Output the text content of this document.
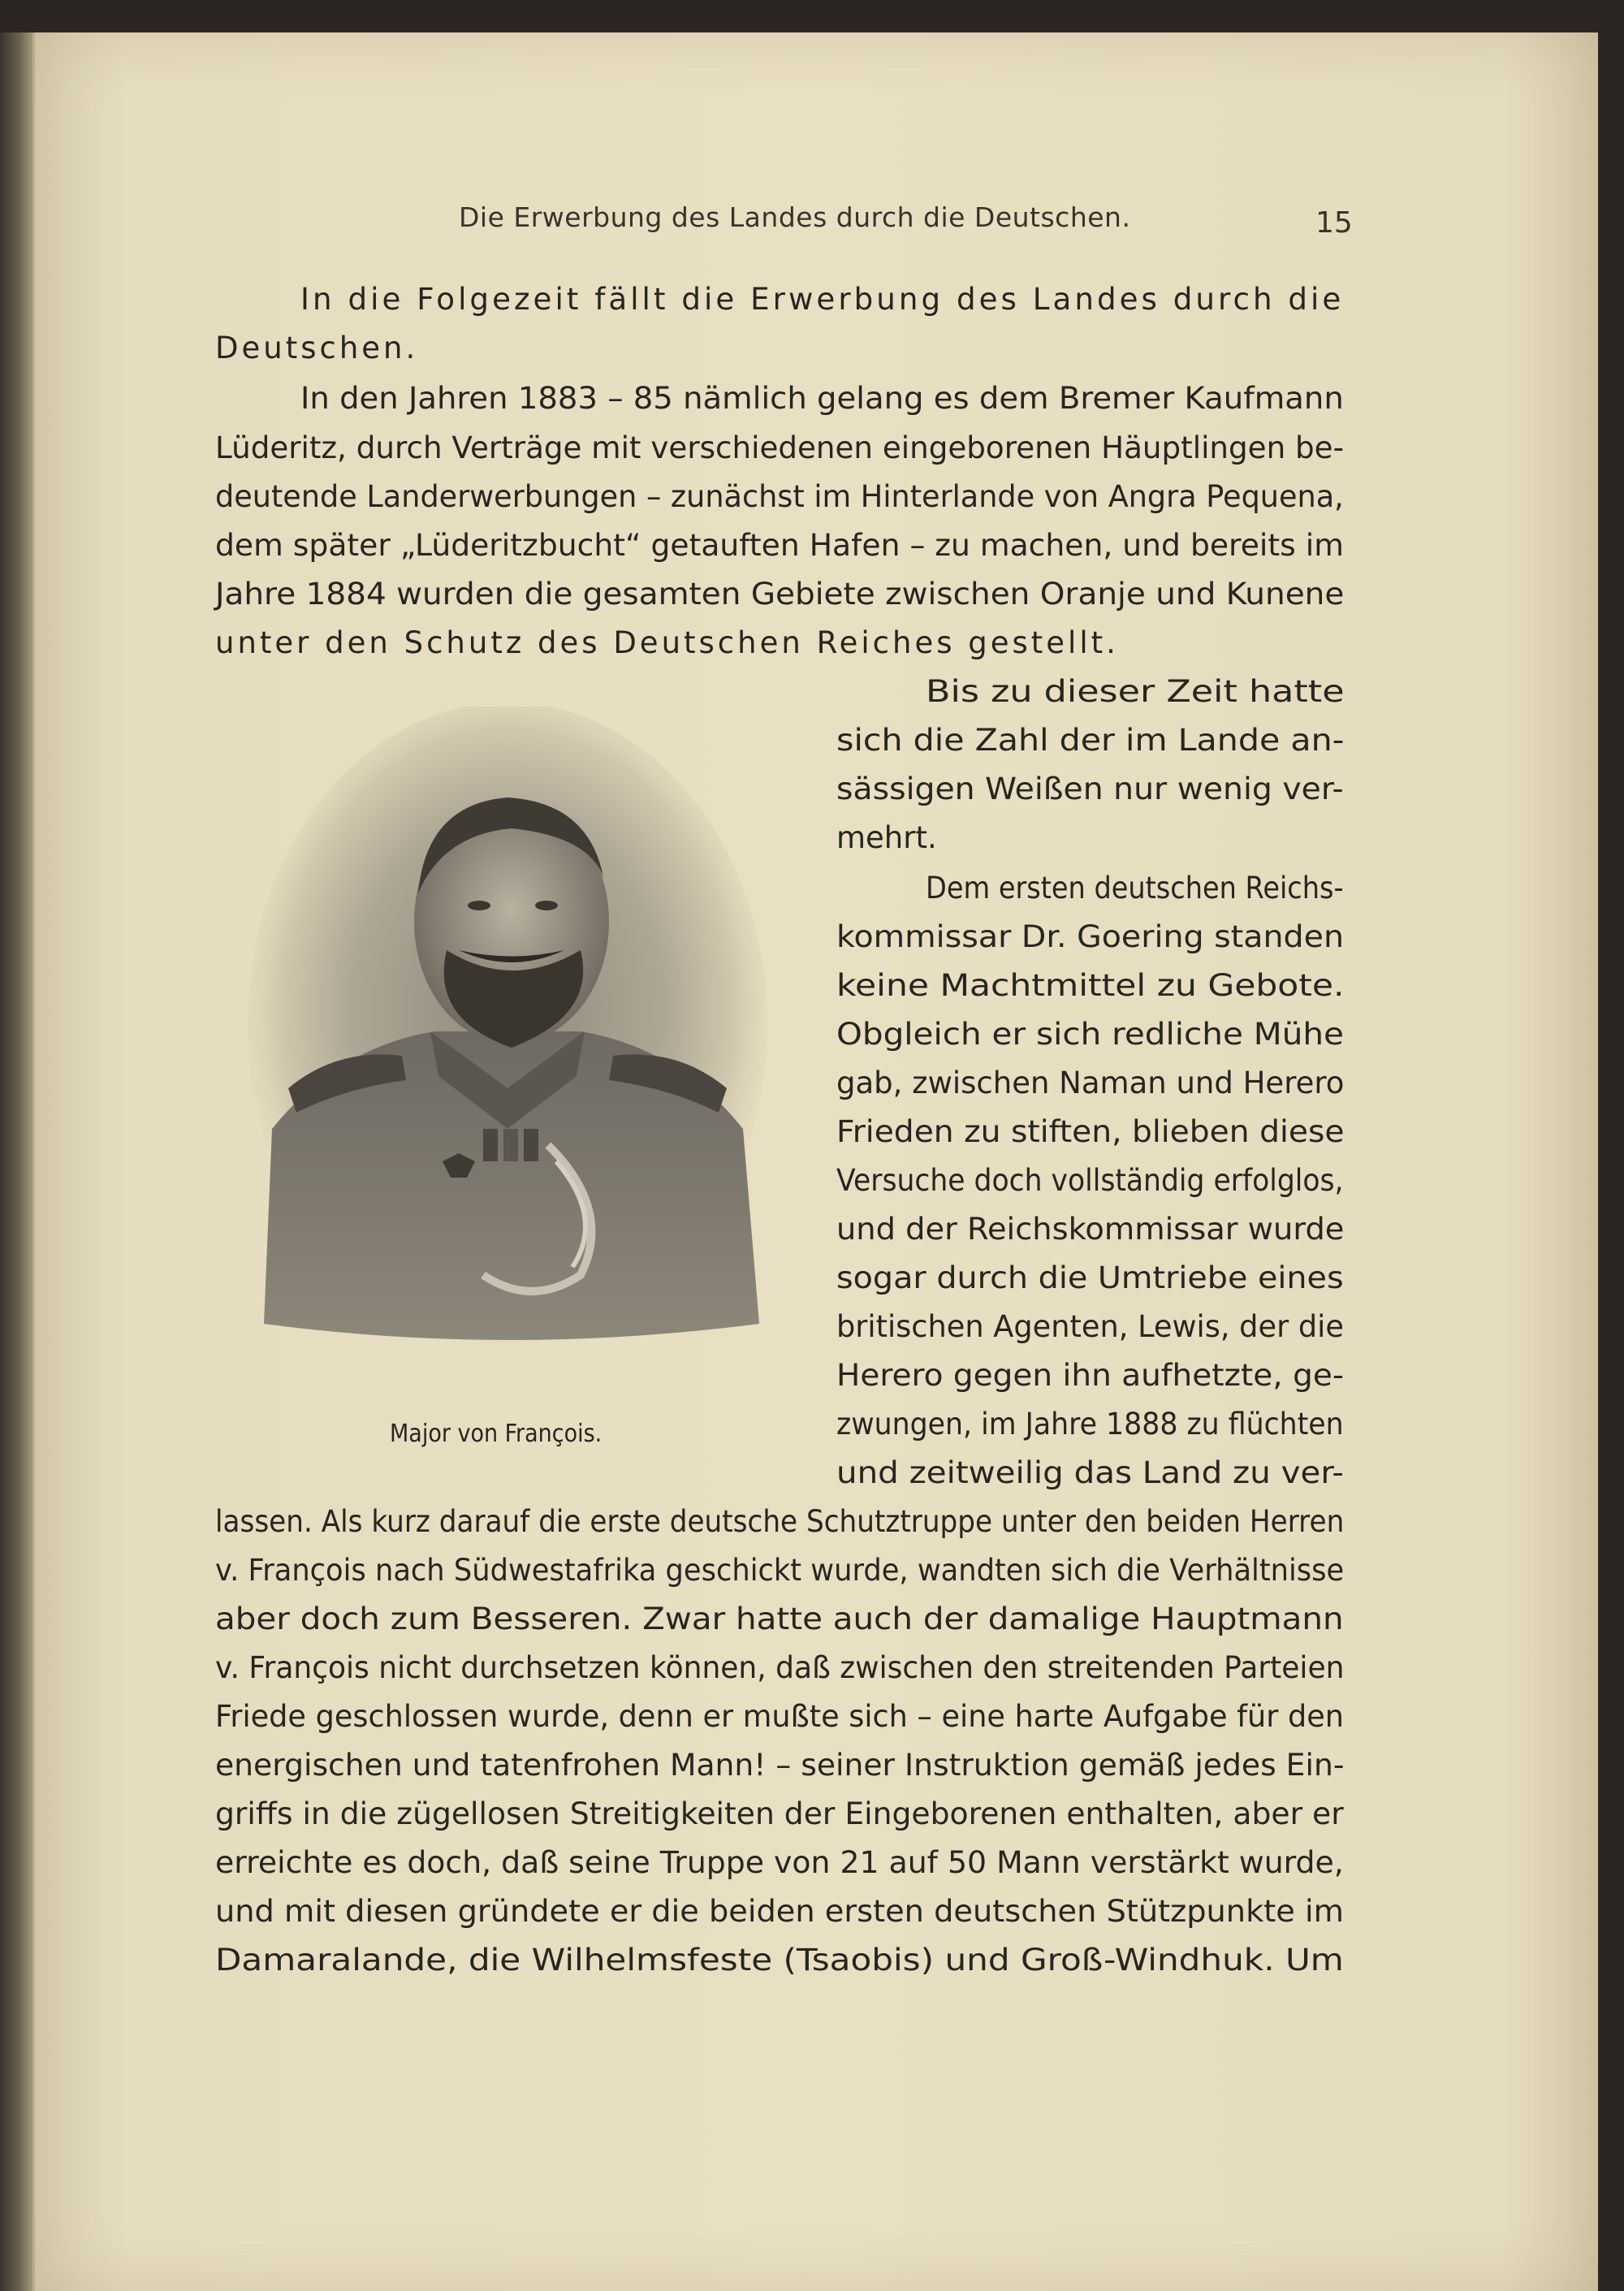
Die Erwerbung des Landes durch die Deutschen.	15
In die Folgezeit fällt die Erwerbung des Landes durch die
Deutschen.
In den Jahren 1883 – 85 nämlich gelang es dem Bremer Kaufmann
Lüderitz, durch Verträge mit verschiedenen eingeborenen Häuptlingen be-
deutende Landerwerbungen – zunächst im Hinterlande von Angra Pequena,
dem später „Lüderitzbucht“ getauften Hafen – zu machen, und bereits im
Jahre 1884 wurden die gesamten Gebiete zwischen Oranje und Kunene
unter den Schutz des Deutschen Reiches gestellt.
Major von François.
Bis zu dieser Zeit hatte
sich die Zahl der im Lande an-
sässigen Weißen nur wenig ver-
mehrt.
Dem ersten deutschen Reichs-
kommissar Dr. Goering standen
keine Machtmittel zu Gebote.
Obgleich er sich redliche Mühe
gab, zwischen Naman und Herero
Frieden zu stiften, blieben diese
Versuche doch vollständig erfolglos,
und der Reichskommissar wurde
sogar durch die Umtriebe eines
britischen Agenten, Lewis, der die
Herero gegen ihn aufhetzte, ge-
zwungen, im Jahre 1888 zu flüchten
und zeitweilig das Land zu ver-
lassen. Als kurz darauf die erste deutsche Schutztruppe unter den beiden Herren
v. François nach Südwestafrika geschickt wurde, wandten sich die Verhältnisse
aber doch zum Besseren. Zwar hatte auch der damalige Hauptmann
v. François nicht durchsetzen können, daß zwischen den streitenden Parteien
Friede geschlossen wurde, denn er mußte sich – eine harte Aufgabe für den
energischen und tatenfrohen Mann! – seiner Instruktion gemäß jedes Ein-
griffs in die zügellosen Streitigkeiten der Eingeborenen enthalten, aber er
erreichte es doch, daß seine Truppe von 21 auf 50 Mann verstärkt wurde,
und mit diesen gründete er die beiden ersten deutschen Stützpunkte im
Damaralande, die Wilhelmsfeste (Tsaobis) und Groß-Windhuk. Um
